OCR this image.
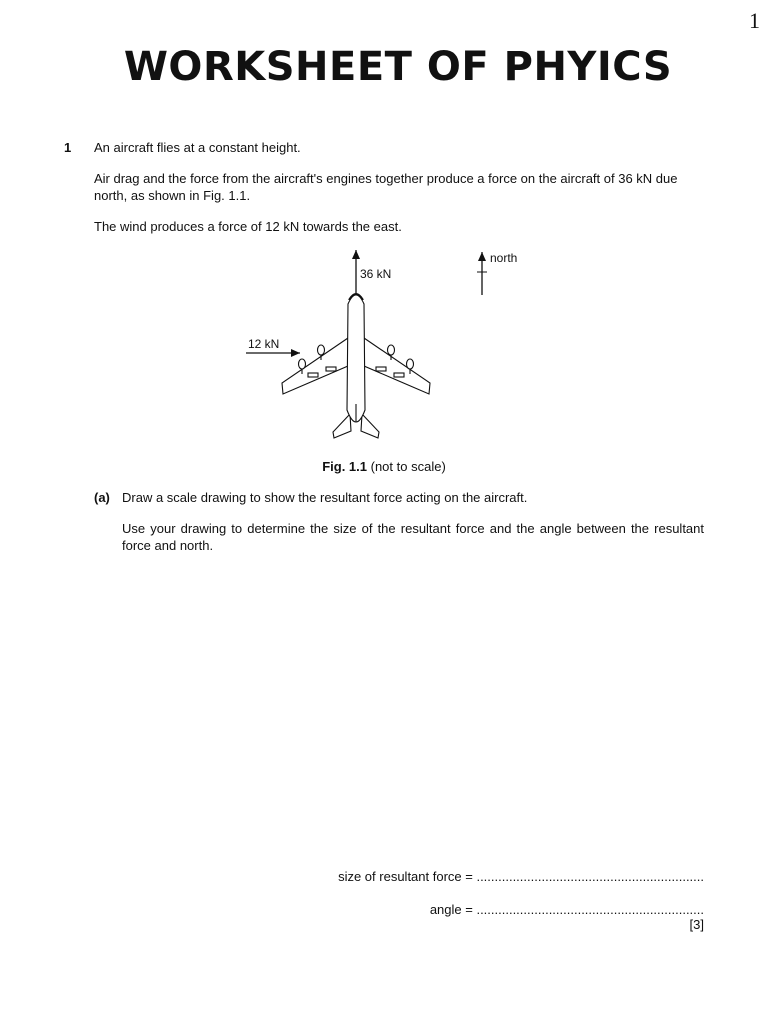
1
WORKSHEET OF PHYICS
1 An aircraft flies at a constant height.
Air drag and the force from the aircraft's engines together produce a force on the aircraft of 36 kN due north, as shown in Fig. 1.1.
The wind produces a force of 12 kN towards the east.
36 kN
north
12 kN
Fig. 1.1 (not to scale)
(a) Draw a scale drawing to show the resultant force acting on the aircraft.
Use your drawing to determine the size of the resultant force and the angle between the resultant force and north.
size of resultant force = ...............................................................
angle = ...............................................................
[3]
